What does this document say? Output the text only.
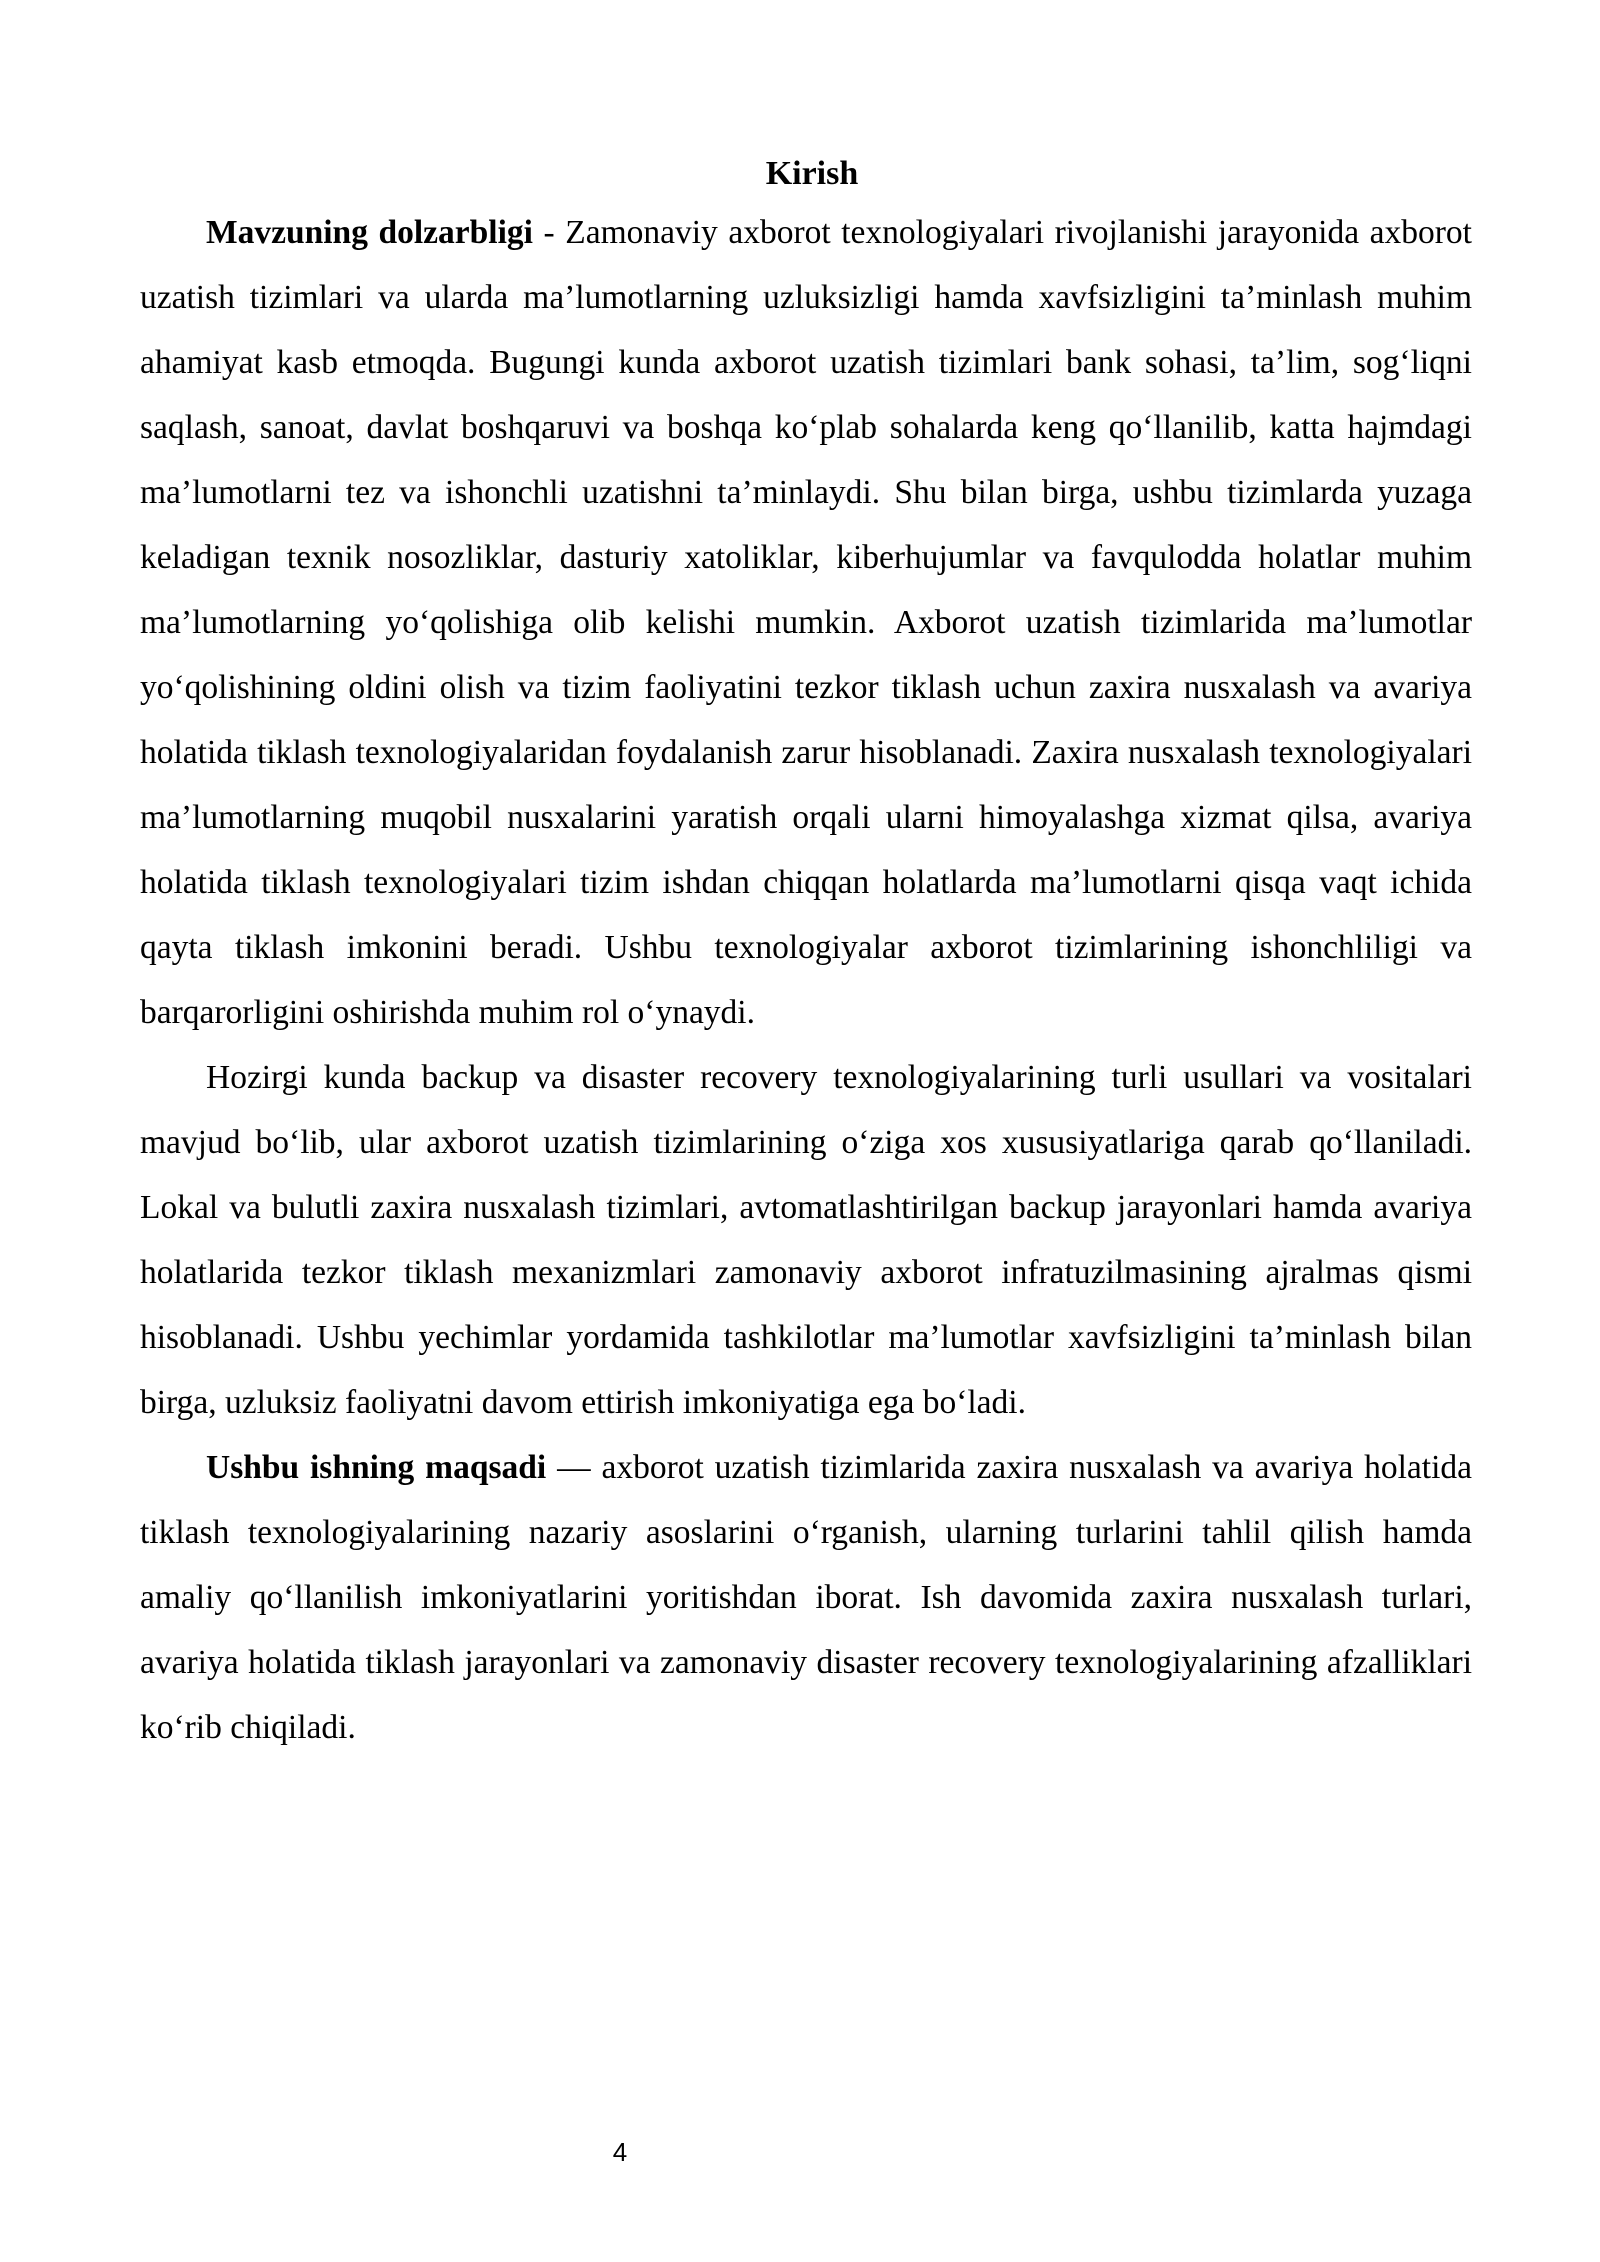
Kirish

Mavzuning dolzarbligi - Zamonaviy axborot texnologiyalari rivojlanishi jarayonida axborot uzatish tizimlari va ularda ma’lumotlarning uzluksizligi hamda xavfsizligini ta’minlash muhim ahamiyat kasb etmoqda. Bugungi kunda axborot uzatish tizimlari bank sohasi, ta’lim, sog‘liqni saqlash, sanoat, davlat boshqaruvi va boshqa ko‘plab sohalarda keng qo‘llanilib, katta hajmdagi ma’lumotlarni tez va ishonchli uzatishni ta’minlaydi. Shu bilan birga, ushbu tizimlarda yuzaga keladigan texnik nosozliklar, dasturiy xatoliklar, kiberhujumlar va favqulodda holatlar muhim ma’lumotlarning yo‘qolishiga olib kelishi mumkin. Axborot uzatish tizimlarida ma’lumotlar yo‘qolishining oldini olish va tizim faoliyatini tezkor tiklash uchun zaxira nusxalash va avariya holatida tiklash texnologiyalaridan foydalanish zarur hisoblanadi. Zaxira nusxalash texnologiyalari ma’lumotlarning muqobil nusxalarini yaratish orqali ularni himoyalashga xizmat qilsa, avariya holatida tiklash texnologiyalari tizim ishdan chiqqan holatlarda ma’lumotlarni qisqa vaqt ichida qayta tiklash imkonini beradi. Ushbu texnologiyalar axborot tizimlarining ishonchliligi va barqarorligini oshirishda muhim rol o‘ynaydi.

Hozirgi kunda backup va disaster recovery texnologiyalarining turli usullari va vositalari mavjud bo‘lib, ular axborot uzatish tizimlarining o‘ziga xos xususiyatlariga qarab qo‘llaniladi. Lokal va bulutli zaxira nusxalash tizimlari, avtomatlashtirilgan backup jarayonlari hamda avariya holatlarida tezkor tiklash mexanizmlari zamonaviy axborot infratuzilmasining ajralmas qismi hisoblanadi. Ushbu yechimlar yordamida tashkilotlar ma’lumotlar xavfsizligini ta’minlash bilan birga, uzluksiz faoliyatni davom ettirish imkoniyatiga ega bo‘ladi.

Ushbu ishning maqsadi — axborot uzatish tizimlarida zaxira nusxalash va avariya holatida tiklash texnologiyalarining nazariy asoslarini o‘rganish, ularning turlarini tahlil qilish hamda amaliy qo‘llanilish imkoniyatlarini yoritishdan iborat. Ish davomida zaxira nusxalash turlari, avariya holatida tiklash jarayonlari va zamonaviy disaster recovery texnologiyalarining afzalliklari ko‘rib chiqiladi.

4
